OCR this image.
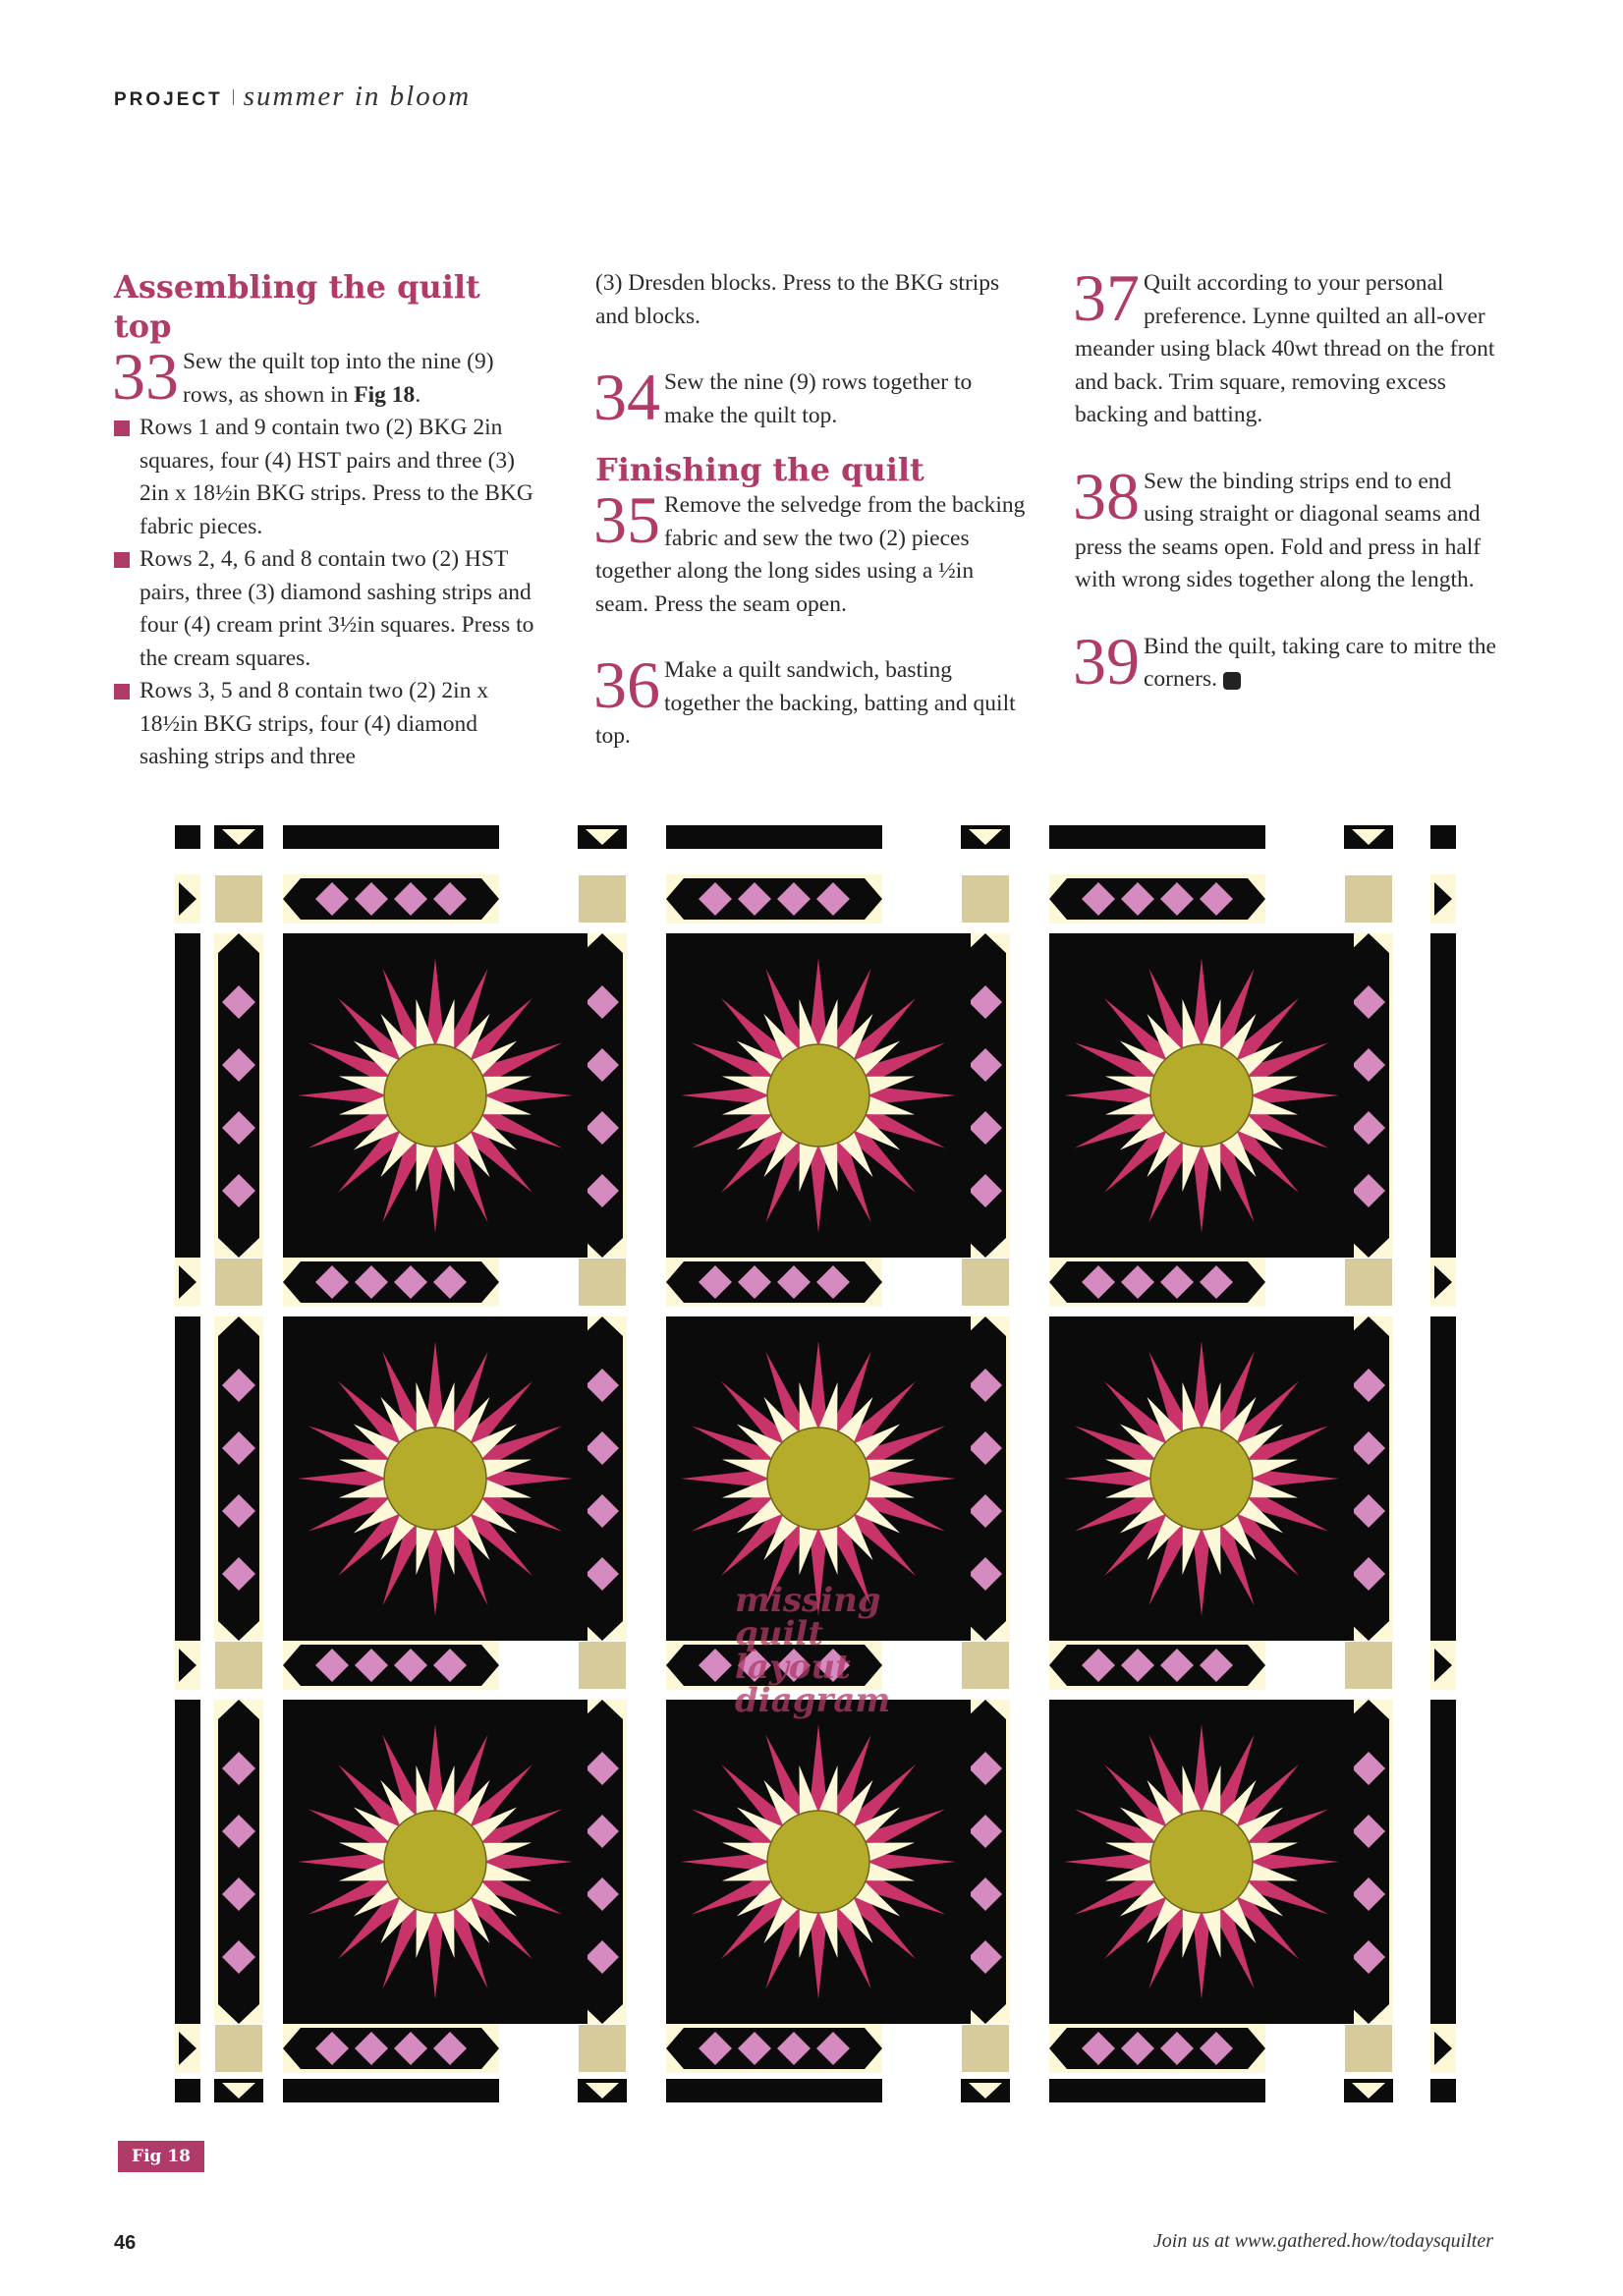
PROJECT summer in bloom
Assembling the quilt top
33 Sew the quilt top into the nine (9) rows, as shown in Fig 18.
Rows 1 and 9 contain two (2) BKG 2in squares, four (4) HST pairs and three (3) 2in x 18½in BKG strips. Press to the BKG fabric pieces.
Rows 2, 4, 6 and 8 contain two (2) HST pairs, three (3) diamond sashing strips and four (4) cream print 3½in squares. Press to the cream squares.
Rows 3, 5 and 8 contain two (2) 2in x 18½in BKG strips, four (4) diamond sashing strips and three
(3) Dresden blocks. Press to the BKG strips and blocks.
34 Sew the nine (9) rows together to make the quilt top.
Finishing the quilt
35 Remove the selvedge from the backing fabric and sew the two (2) pieces together along the long sides using a ½in seam. Press the seam open.
36 Make a quilt sandwich, basting together the backing, batting and quilt top.
37 Quilt according to your personal preference. Lynne quilted an all-over meander using black 40wt thread on the front and back. Trim square, removing excess backing and batting.
38 Sew the binding strips end to end using straight or diagonal seams and press the seams open. Fold and press in half with wrong sides together along the length.
39 Bind the quilt, taking care to mitre the corners.
missing quilt layout diagram
Fig 18
46	Join us at www.gathered.how/todaysquilter
